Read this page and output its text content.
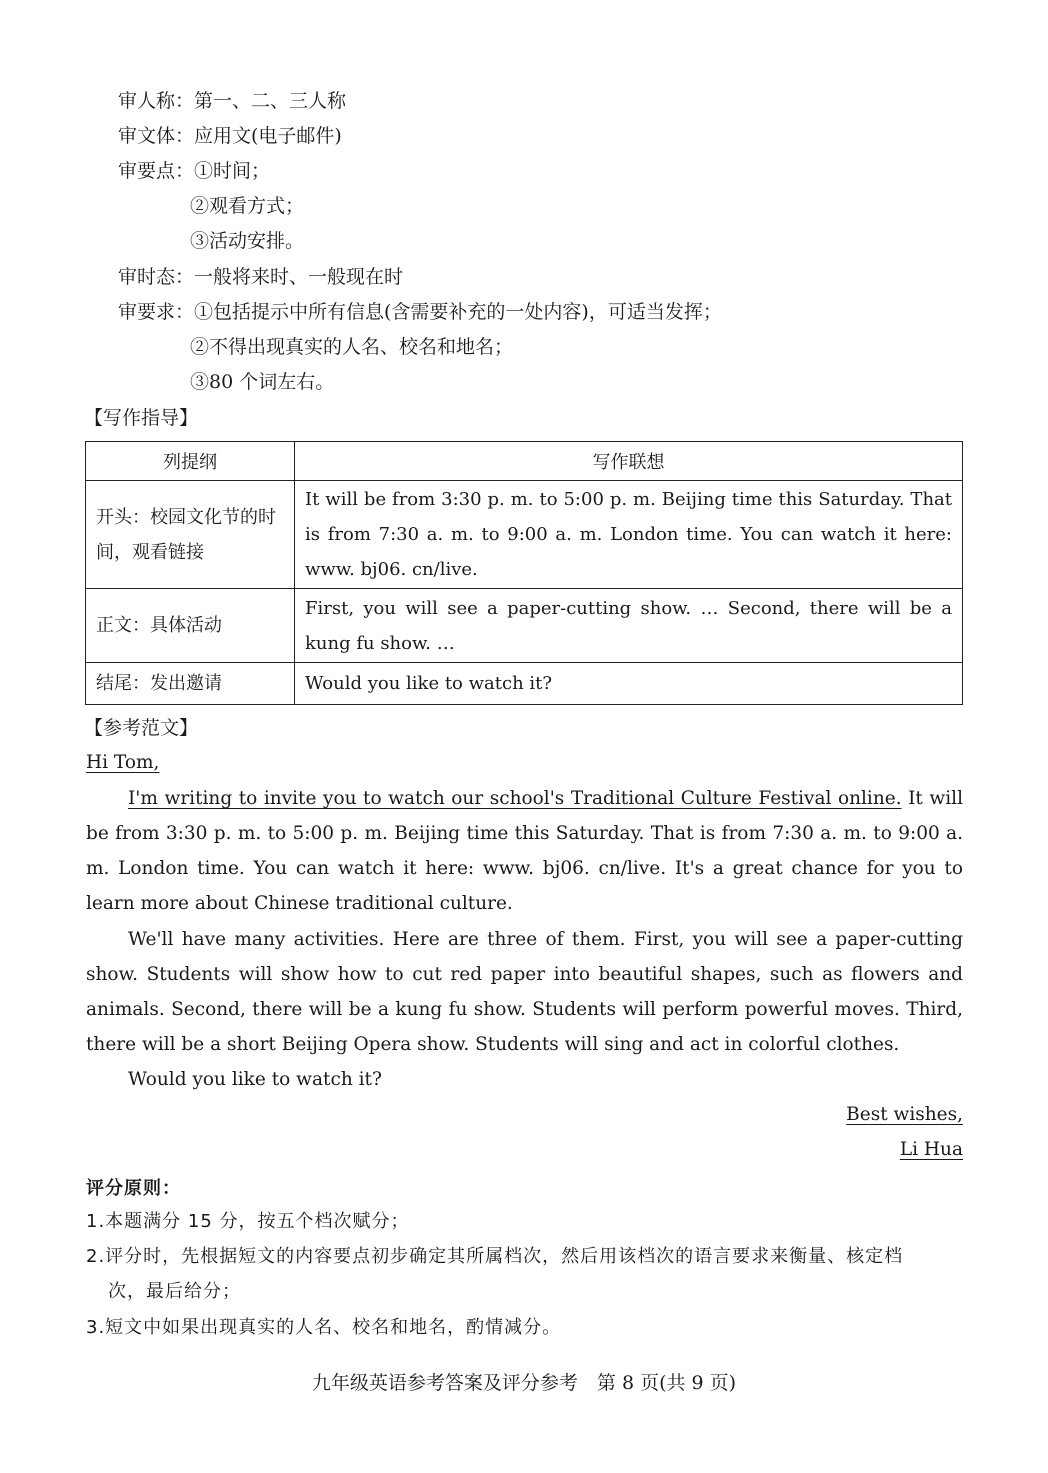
审人称：第一、二、三人称
审文体：应用文(电子邮件)
审要点：①时间；
②观看方式；
③活动安排。
审时态：一般将来时、一般现在时
审要求：①包括提示中所有信息(含需要补充的一处内容)，可适当发挥；
②不得出现真实的人名、校名和地名；
③80 个词左右。
【写作指导】
列提纲	写作联想
开头：校园文化节的时间，观看链接	It will be from 3:30 p. m. to 5:00 p. m. Beijing time this Saturday. That is from 7:30 a. m. to 9:00 a. m. London time. You can watch it here: www. bj06. cn/live.
正文：具体活动	First, you will see a paper-cutting show. … Second, there will be a kung fu show. …
结尾：发出邀请	Would you like to watch it?
【参考范文】
Hi Tom,

I'm writing to invite you to watch our school's Traditional Culture Festival online. It will be from 3:30 p. m. to 5:00 p. m. Beijing time this Saturday. That is from 7:30 a. m. to 9:00 a. m. London time. You can watch it here: www. bj06. cn/live. It's a great chance for you to learn more about Chinese traditional culture.

We'll have many activities. Here are three of them. First, you will see a paper-cutting show. Students will show how to cut red paper into beautiful shapes, such as flowers and animals. Second, there will be a kung fu show. Students will perform powerful moves. Third, there will be a short Beijing Opera show. Students will sing and act in colorful clothes.

Would you like to watch it?

Best wishes,
Li Hua
评分原则：
1.本题满分 15 分，按五个档次赋分；
2.评分时，先根据短文的内容要点初步确定其所属档次，然后用该档次的语言要求来衡量、核定档
次，最后给分；
3.短文中如果出现真实的人名、校名和地名，酌情减分。
九年级英语参考答案及评分参考　第 8 页(共 9 页)
